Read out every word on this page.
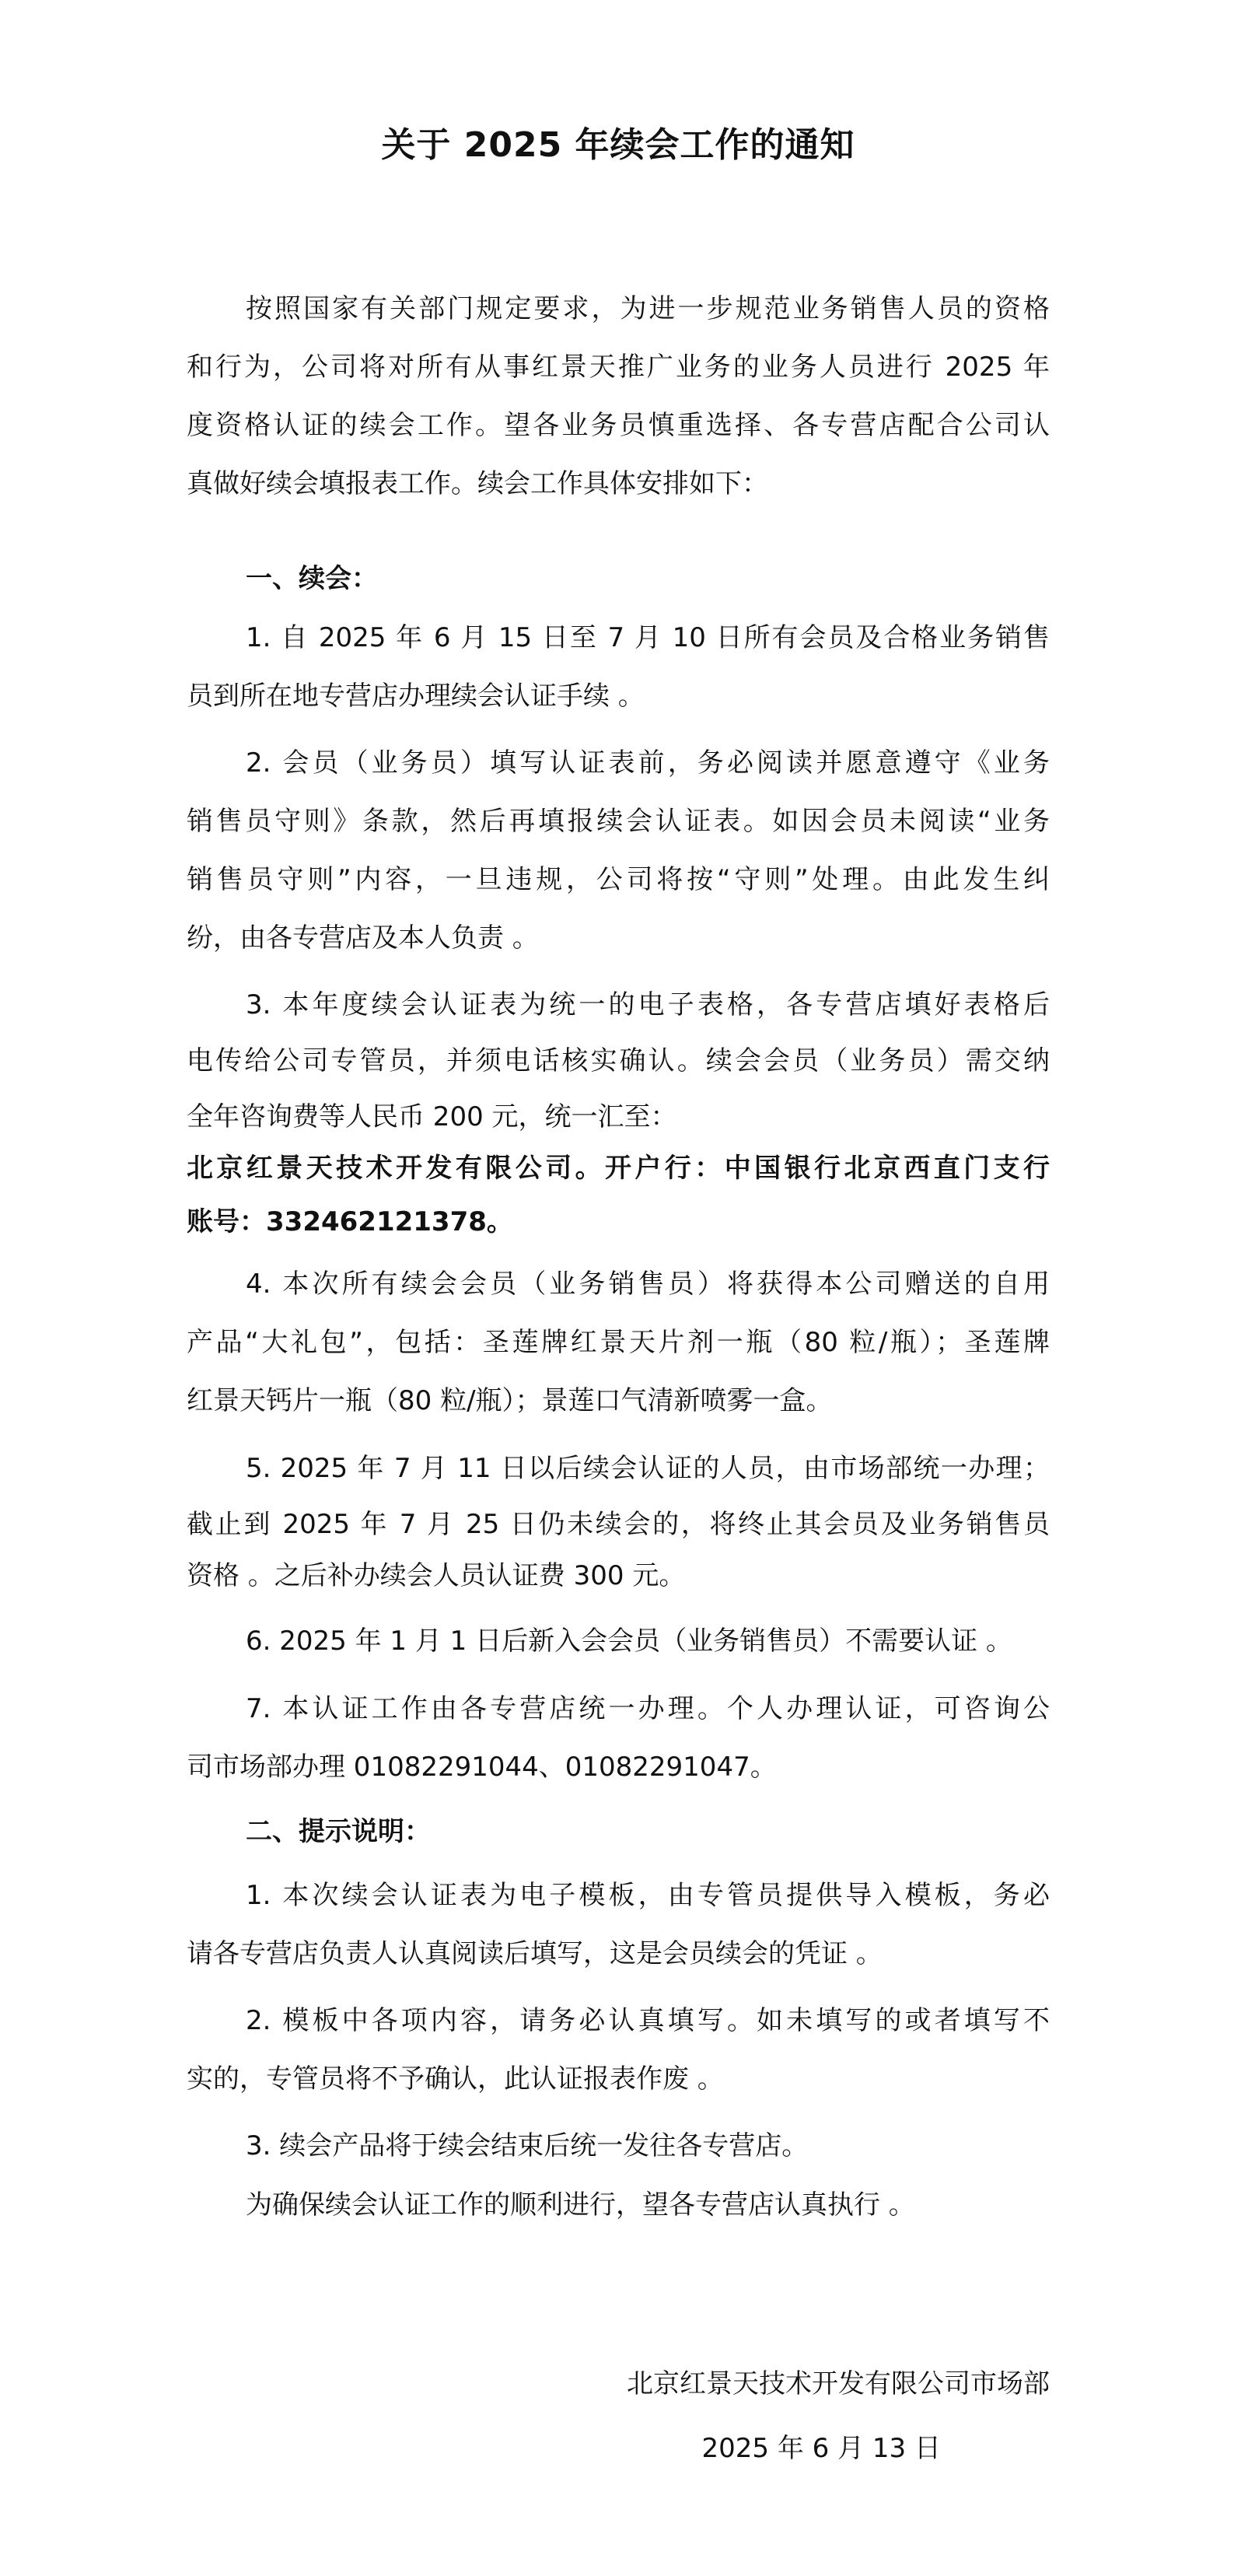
关于 2025 年续会工作的通知

按照国家有关部门规定要求，为进一步规范业务销售人员的资格

和行为，公司将对所有从事红景天推广业务的业务人员进行 2025 年

度资格认证的续会工作。望各业务员慎重选择、各专营店配合公司认

真做好续会填报表工作。续会工作具体安排如下：

一、续会：

1. 自 2025 年 6 月 15 日至 7 月 10 日所有会员及合格业务销售

员到所在地专营店办理续会认证手续 。

2. 会员（业务员）填写认证表前，务必阅读并愿意遵守《业务

销售员守则》条款，然后再填报续会认证表。如因会员未阅读“业务

销售员守则”内容，一旦违规，公司将按“守则”处理。由此发生纠

纷，由各专营店及本人负责 。

3. 本年度续会认证表为统一的电子表格，各专营店填好表格后

电传给公司专管员，并须电话核实确认。续会会员（业务员）需交纳

全年咨询费等人民币 200 元，统一汇至：

北京红景天技术开发有限公司。开户行：中国银行北京西直门支行

账号：332462121378。

4. 本次所有续会会员（业务销售员）将获得本公司赠送的自用

产品“大礼包”，包括：圣莲牌红景天片剂一瓶（80 粒/瓶）；圣莲牌

红景天钙片一瓶（80 粒/瓶）；景莲口气清新喷雾一盒。

5. 2025 年 7 月 11 日以后续会认证的人员，由市场部统一办理；

截止到 2025 年 7 月 25 日仍未续会的，将终止其会员及业务销售员

资格 。之后补办续会人员认证费 300 元。

6. 2025 年 1 月 1 日后新入会会员（业务销售员）不需要认证 。

7. 本认证工作由各专营店统一办理。个人办理认证，可咨询公

司市场部办理 01082291044、01082291047。

二、提示说明：

1. 本次续会认证表为电子模板，由专管员提供导入模板，务必

请各专营店负责人认真阅读后填写，这是会员续会的凭证 。

2. 模板中各项内容，请务必认真填写。如未填写的或者填写不

实的，专管员将不予确认，此认证报表作废 。

3. 续会产品将于续会结束后统一发往各专营店。

为确保续会认证工作的顺利进行，望各专营店认真执行 。

北京红景天技术开发有限公司市场部

2025 年 6 月 13 日
